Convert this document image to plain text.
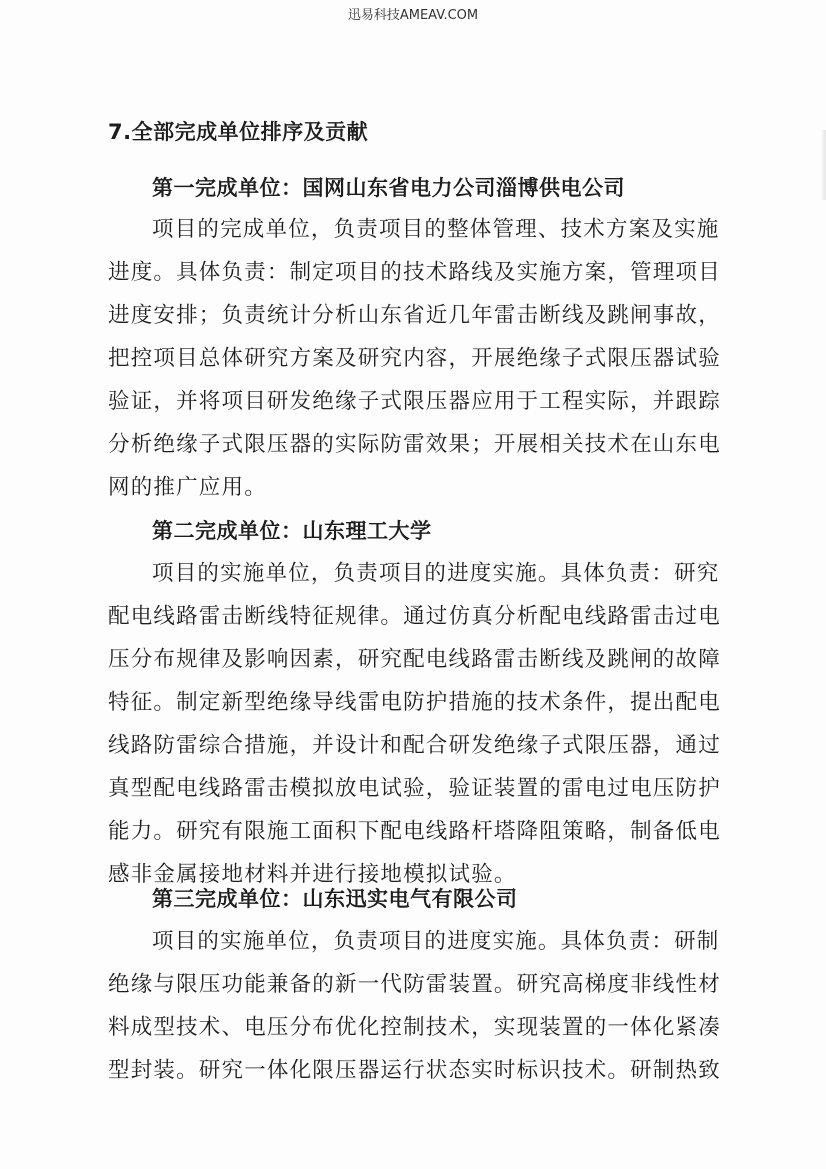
迅易科技AMEAV.COM
7.全部完成单位排序及贡献
第一完成单位：国网山东省电力公司淄博供电公司
项目的完成单位，负责项目的整体管理、技术方案及实施
进度。具体负责：制定项目的技术路线及实施方案，管理项目
进度安排；负责统计分析山东省近几年雷击断线及跳闸事故，
把控项目总体研究方案及研究内容，开展绝缘子式限压器试验
验证，并将项目研发绝缘子式限压器应用于工程实际，并跟踪
分析绝缘子式限压器的实际防雷效果；开展相关技术在山东电
网的推广应用。
第二完成单位：山东理工大学
项目的实施单位，负责项目的进度实施。具体负责：研究
配电线路雷击断线特征规律。通过仿真分析配电线路雷击过电
压分布规律及影响因素，研究配电线路雷击断线及跳闸的故障
特征。制定新型绝缘导线雷电防护措施的技术条件，提出配电
线路防雷综合措施，并设计和配合研发绝缘子式限压器，通过
真型配电线路雷击模拟放电试验，验证装置的雷电过电压防护
能力。研究有限施工面积下配电线路杆塔降阻策略，制备低电
感非金属接地材料并进行接地模拟试验。
第三完成单位：山东迅实电气有限公司
项目的实施单位，负责项目的进度实施。具体负责：研制
绝缘与限压功能兼备的新一代防雷装置。研究高梯度非线性材
料成型技术、电压分布优化控制技术，实现装置的一体化紧凑
型封装。研究一体化限压器运行状态实时标识技术。研制热致
